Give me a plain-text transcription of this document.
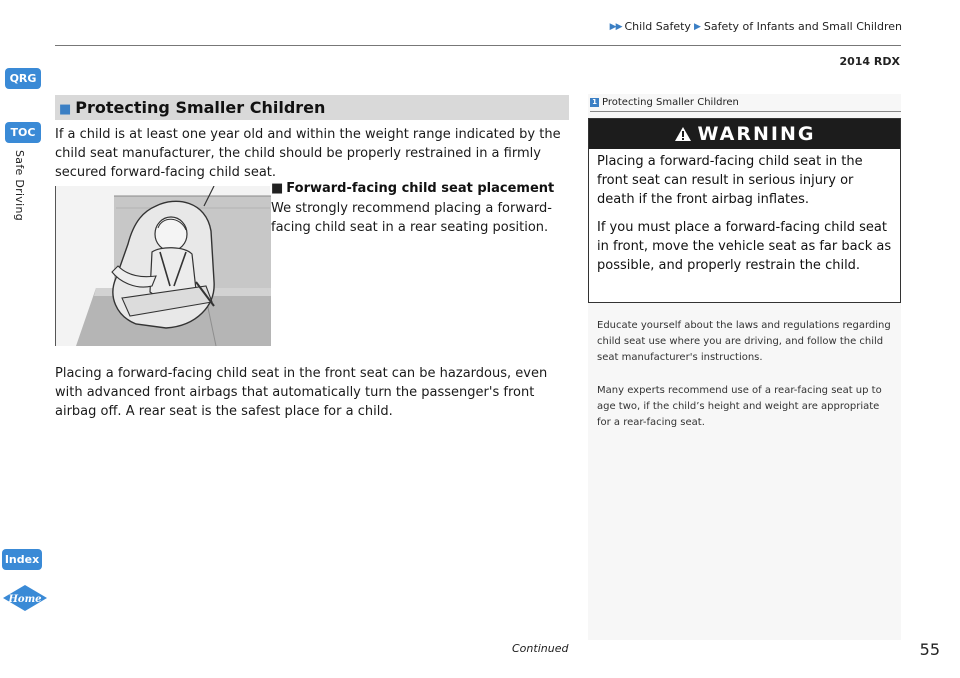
▶▶ Child Safety ▶ Safety of Infants and Small Children
2014 RDX
QRG
TOC
Safe Driving
Index
Home
■ Protecting Smaller Children
If a child is at least one year old and within the weight range indicated by the child seat manufacturer, the child should be properly restrained in a firmly secured forward-facing child seat.
■ Forward-facing child seat placement
We strongly recommend placing a forward-facing child seat in a rear seating position.
Placing a forward-facing child seat in the front seat can be hazardous, even with advanced front airbags that automatically turn the passenger's front airbag off. A rear seat is the safest place for a child.
1 Protecting Smaller Children
WARNING

Placing a forward-facing child seat in the front seat can result in serious injury or death if the front airbag inflates.

If you must place a forward-facing child seat in front, move the vehicle seat as far back as possible, and properly restrain the child.

Educate yourself about the laws and regulations regarding child seat use where you are driving, and follow the child seat manufacturer's instructions.
Many experts recommend use of a rear-facing seat up to age two, if the child’s height and weight are appropriate for a rear-facing seat.
Continued	55
